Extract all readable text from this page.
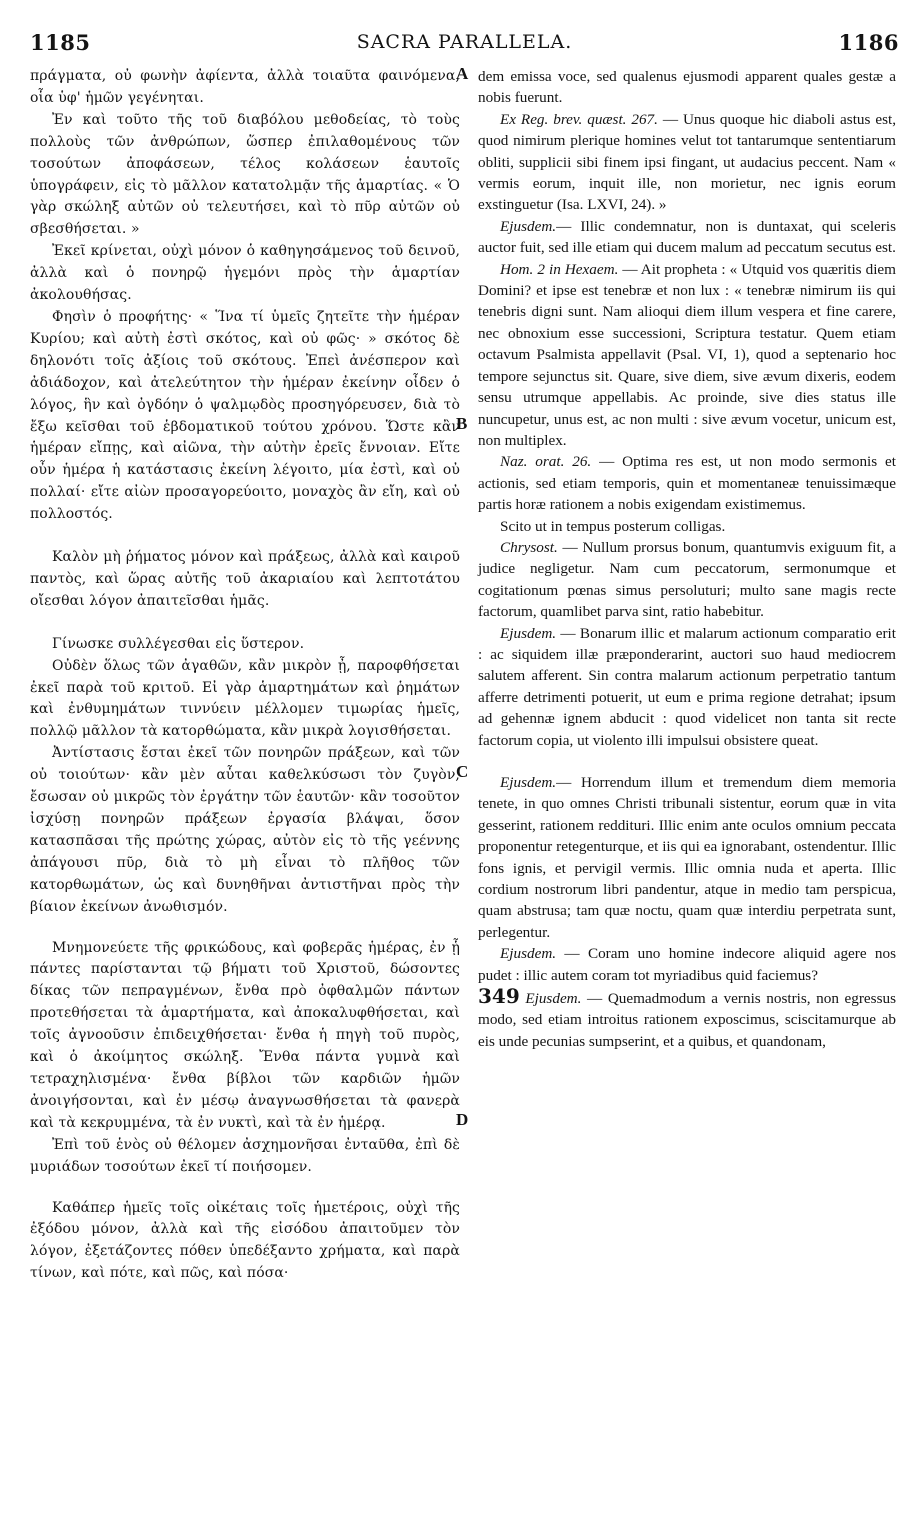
1185	SACRA PARALLELA.	1186
A
B
C
D

πράγματα, οὐ φωνὴν ἀφίεντα, ἀλλὰ τοιαῦτα φαινόμενα, οἷα ὑφ' ἡμῶν γεγένηται.

Ἐν καὶ τοῦτο τῆς τοῦ διαβόλου μεθοδείας, τὸ τοὺς πολλοὺς τῶν ἀνθρώπων, ὥσπερ ἐπιλαθομένους τῶν τοσούτων ἀποφάσεων, τέλος κολάσεων ἑαυτοῖς ὑπογράφειν, εἰς τὸ μᾶλλον κατατολμᾷν τῆς ἁμαρτίας. « Ὁ γὰρ σκώληξ αὐτῶν οὐ τελευτήσει, καὶ τὸ πῦρ αὐτῶν οὐ σβεσθήσεται. »

Ἐκεῖ κρίνεται, οὐχὶ μόνον ὁ καθηγησάμενος τοῦ δεινοῦ, ἀλλὰ καὶ ὁ πονηρῷ ἡγεμόνι πρὸς τὴν ἁμαρτίαν ἀκολουθήσας.

Φησὶν ὁ προφήτης· « Ἵνα τί ὑμεῖς ζητεῖτε τὴν ἡμέραν Κυρίου; καὶ αὐτὴ ἐστὶ σκότος, καὶ οὐ φῶς· » σκότος δὲ δηλονότι τοῖς ἀξίοις τοῦ σκότους. Ἐπεὶ ἀνέσπερον καὶ ἀδιάδοχον, καὶ ἀτελεύτητον τὴν ἡμέραν ἐκείνην οἶδεν ὁ λόγος, ἣν καὶ ὀγδόην ὁ ψαλμῳδὸς προσηγόρευσεν, διὰ τὸ ἔξω κεῖσθαι τοῦ ἑβδοματικοῦ τούτου χρόνου. Ὥστε κἂν ἡμέραν εἴπῃς, καὶ αἰῶνα, τὴν αὐτὴν ἐρεῖς ἔννοιαν. Εἴτε οὖν ἡμέρα ἡ κατάστασις ἐκείνη λέγοιτο, μία ἐστὶ, καὶ οὐ πολλαί· εἴτε αἰὼν προσαγορεύοιτο, μοναχὸς ἂν εἴη, καὶ οὐ πολλοστός.

Καλὸν μὴ ῥήματος μόνον καὶ πράξεως, ἀλλὰ καὶ καιροῦ παντὸς, καὶ ὥρας αὐτῆς τοῦ ἀκαριαίου καὶ λεπτοτάτου οἴεσθαι λόγον ἀπαιτεῖσθαι ἡμᾶς.

Γίνωσκε συλλέγεσθαι εἰς ὕστερον.

Οὐδὲν ὅλως τῶν ἀγαθῶν, κἂν μικρὸν ᾖ, παροφθήσεται ἐκεῖ παρὰ τοῦ κριτοῦ. Εἰ γὰρ ἁμαρτημάτων καὶ ῥημάτων καὶ ἐνθυμημάτων τιννύειν μέλλομεν τιμωρίας ἡμεῖς, πολλῷ μᾶλλον τὰ κατορθώματα, κἂν μικρὰ λογισθήσεται.

Ἀντίστασις ἔσται ἐκεῖ τῶν πονηρῶν πράξεων, καὶ τῶν οὐ τοιούτων· κἂν μὲν αὗται καθελκύσωσι τὸν ζυγὸν, ἔσωσαν οὐ μικρῶς τὸν ἐργάτην τῶν ἑαυτῶν· κἂν τοσοῦτον ἰσχύσῃ πονηρῶν πράξεων ἐργασία βλάψαι, ὅσον κατασπᾶσαι τῆς πρώτης χώρας, αὐτὸν εἰς τὸ τῆς γεέννης ἀπάγουσι πῦρ, διὰ τὸ μὴ εἶναι τὸ πλῆθος τῶν κατορθωμάτων, ὡς καὶ δυνηθῆναι ἀντιστῆναι πρὸς τὴν βίαιον ἐκείνων ἀνωθισμόν.

Μνημονεύετε τῆς φρικώδους, καὶ φοβερᾶς ἡμέρας, ἐν ᾗ πάντες παρίστανται τῷ βήματι τοῦ Χριστοῦ, δώσοντες δίκας τῶν πεπραγμένων, ἔνθα πρὸ ὀφθαλμῶν πάντων προτεθήσεται τὰ ἁμαρτήματα, καὶ ἀποκαλυφθήσεται, καὶ τοῖς ἀγνοοῦσιν ἐπιδειχθήσεται· ἔνθα ἡ πηγὴ τοῦ πυρὸς, καὶ ὁ ἀκοίμητος σκώληξ. Ἔνθα πάντα γυμνὰ καὶ τετραχηλισμένα· ἔνθα βίβλοι τῶν καρδιῶν ἡμῶν ἀνοιγήσονται, καὶ ἐν μέσῳ ἀναγνωσθήσεται τὰ φανερὰ καὶ τὰ κεκρυμμένα, τὰ ἐν νυκτὶ, καὶ τὰ ἐν ἡμέρᾳ.

Ἐπὶ τοῦ ἑνὸς οὐ θέλομεν ἀσχημονῆσαι ἐνταῦθα, ἐπὶ δὲ μυριάδων τοσούτων ἐκεῖ τί ποιήσομεν.

Καθάπερ ἡμεῖς τοῖς οἰκέταις τοῖς ἡμετέροις, οὐχὶ τῆς ἐξόδου μόνον, ἀλλὰ καὶ τῆς εἰσόδου ἀπαιτοῦμεν τὸν λόγον, ἐξετάζοντες πόθεν ὑπεδέξαντο χρήματα, καὶ παρὰ τίνων, καὶ πότε, καὶ πῶς, καὶ πόσα·

dem emissa voce, sed qualenus ejusmodi apparent quales gestæ a nobis fuerunt.

Ex Reg. brev. quæst. 267. — Unus quoque hic diaboli astus est, quod nimirum plerique homines velut tot tantarumque sententiarum obliti, supplicii sibi finem ipsi fingant, ut audacius peccent. Nam « vermis eorum, inquit ille, non morietur, nec ignis eorum exstinguetur (Isa. LXVI, 24). »

Ejusdem.— Illic condemnatur, non is duntaxat, qui sceleris auctor fuit, sed ille etiam qui ducem malum ad peccatum secutus est.

Hom. 2 in Hexaem. — Ait propheta : « Utquid vos quæritis diem Domini? et ipse est tenebræ et non lux : « tenebræ nimirum iis qui tenebris digni sunt. Nam alioqui diem illum vespera et fine carere, nec obnoxium esse successioni, Scriptura testatur. Quem etiam octavum Psalmista appellavit (Psal. VI, 1), quod a septenario hoc tempore sejunctus sit. Quare, sive diem, sive ævum dixeris, eodem sensu utrumque appellabis. Ac proinde, sive dies status ille nuncupetur, unus est, ac non multi : sive ævum vocetur, unicum est, non multiplex.

Naz. orat. 26. — Optima res est, ut non modo sermonis et actionis, sed etiam temporis, quin et momentaneæ tenuissimæque partis horæ rationem a nobis exigendam existimemus.

Scito ut in tempus posterum colligas.

Chrysost. — Nullum prorsus bonum, quantumvis exiguum fit, a judice negligetur. Nam cum peccatorum, sermonumque et cogitationum pœnas simus persoluturi; multo sane magis recte factorum, quamlibet parva sint, ratio habebitur.

Ejusdem. — Bonarum illic et malarum actionum comparatio erit : ac siquidem illæ præponderarint, auctori suo haud mediocrem salutem afferent. Sin contra malarum actionum perpetratio tantum afferre detrimenti potuerit, ut eum e prima regione detrahat; ipsum ad gehennæ ignem abducit : quod videlicet non tanta sit recte factorum copia, ut violento illi impulsui obsistere queat.

Ejusdem.— Horrendum illum et tremendum diem memoria tenete, in quo omnes Christi tribunali sistentur, eorum quæ in vita gesserint, rationem reddituri. Illic enim ante oculos omnium peccata proponentur retegenturque, et iis qui ea ignorabant, ostendentur. Illic fons ignis, et pervigil vermis. Illic omnia nuda et aperta. Illic cordium nostrorum libri pandentur, atque in medio tam perspicua, quam abstrusa; tam quæ noctu, quam quæ interdiu perpetrata sunt, perlegentur.

Ejusdem. — Coram uno homine indecore aliquid agere nos pudet : illic autem coram tot myriadibus quid faciemus?

349 Ejusdem. — Quemadmodum a vernis nostris, non egressus modo, sed etiam introitus rationem exposcimus, sciscitamurque ab eis unde pecunias sumpserint, et a quibus, et quandonam,
